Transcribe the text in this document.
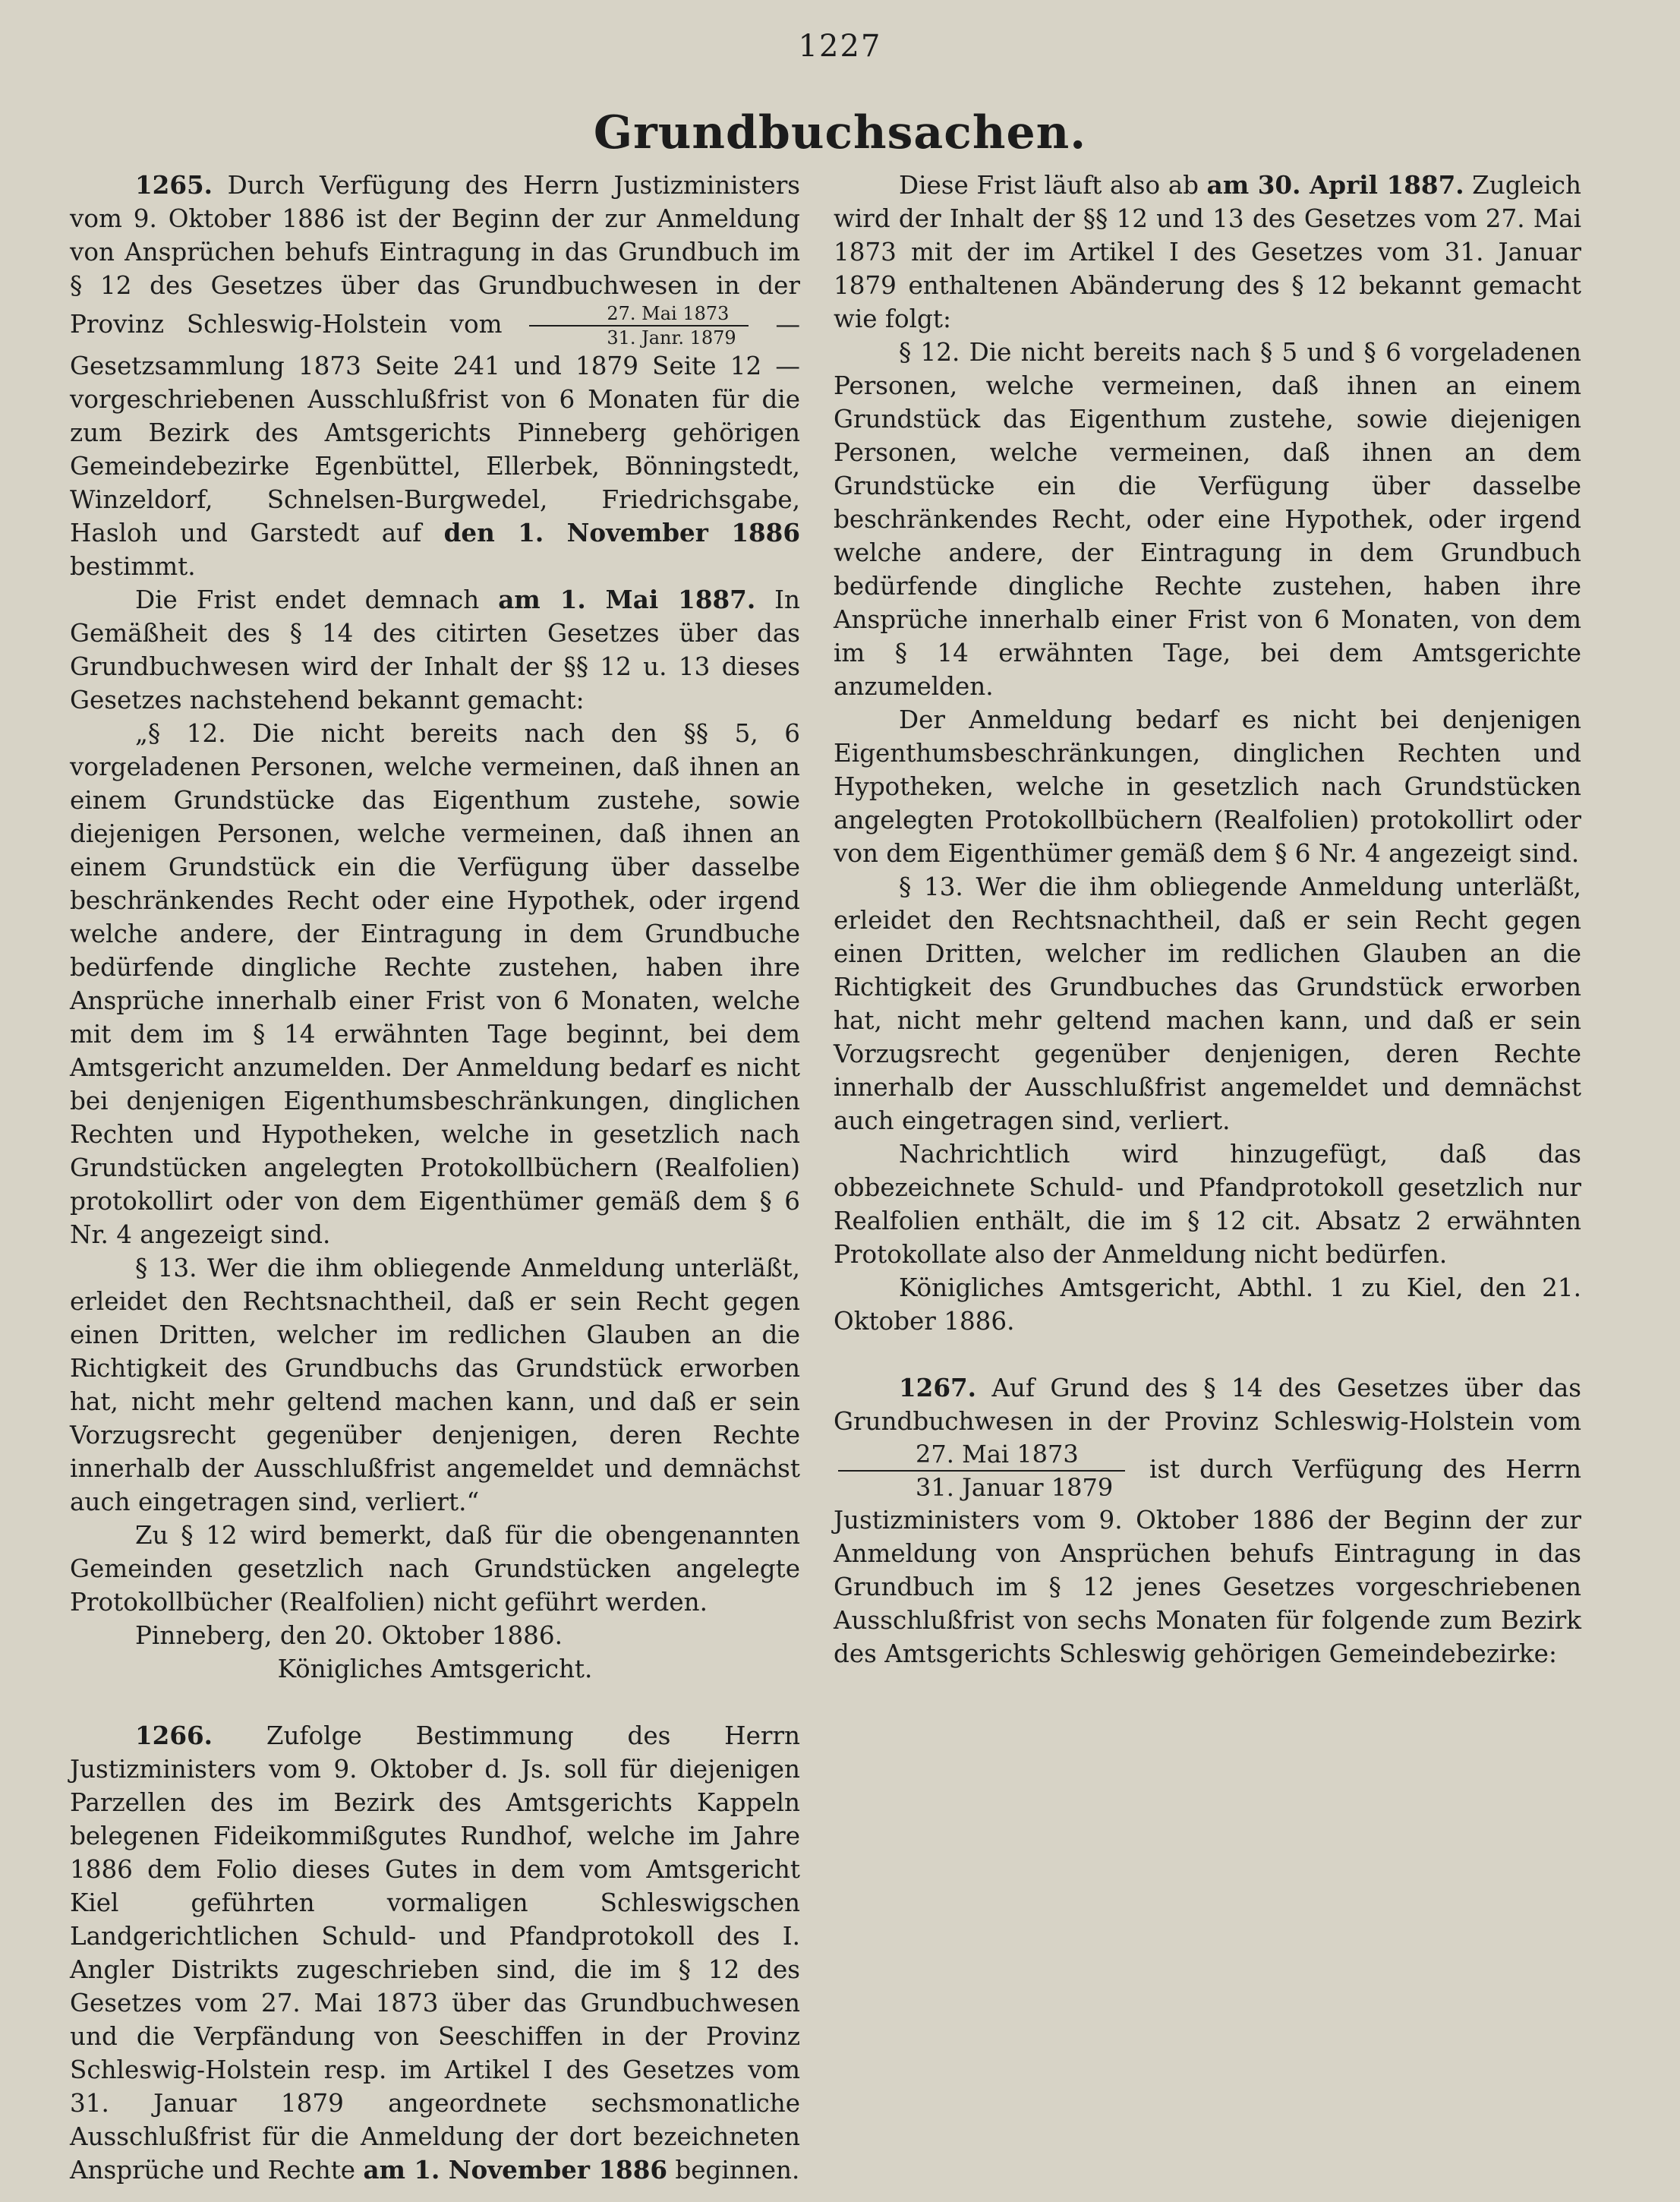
1227
Grundbuchsachen.

1265. Durch Verfügung des Herrn Justizministers vom 9. Oktober 1886 ist der Beginn der zur Anmeldung von Ansprüchen behufs Eintragung in das Grundbuch im § 12 des Gesetzes über das Grundbuchwesen in der Provinz Schleswig-Holstein vom $\frac{\text{27. Mai 1873}}{\text{31. Janr. 1879}}$ — Gesetzsammlung 1873 Seite 241 und 1879 Seite 12 — vorgeschriebenen Ausschlußfrist von 6 Monaten für die zum Bezirk des Amtsgerichts Pinneberg gehörigen Gemeindebezirke Egenbüttel, Ellerbek, Bönningstedt, Winzeldorf, Schnelsen-Burgwedel, Friedrichsgabe, Hasloh und Garstedt auf den 1. November 1886 bestimmt.

Die Frist endet demnach am 1. Mai 1887. In Gemäßheit des § 14 des citirten Gesetzes über das Grundbuchwesen wird der Inhalt der §§ 12 u. 13 dieses Gesetzes nachstehend bekannt gemacht:

„§ 12. Die nicht bereits nach den §§ 5, 6 vorgeladenen Personen, welche vermeinen, daß ihnen an einem Grundstücke das Eigenthum zustehe, sowie diejenigen Personen, welche vermeinen, daß ihnen an einem Grundstück ein die Verfügung über dasselbe beschränkendes Recht oder eine Hypothek, oder irgend welche andere, der Eintragung in dem Grundbuche bedürfende dingliche Rechte zustehen, haben ihre Ansprüche innerhalb einer Frist von 6 Monaten, welche mit dem im § 14 erwähnten Tage beginnt, bei dem Amtsgericht anzumelden. Der Anmeldung bedarf es nicht bei denjenigen Eigenthumsbeschränkungen, dinglichen Rechten und Hypotheken, welche in gesetzlich nach Grundstücken angelegten Protokollbüchern (Realfolien) protokollirt oder von dem Eigenthümer gemäß dem § 6 Nr. 4 angezeigt sind.

§ 13. Wer die ihm obliegende Anmeldung unterläßt, erleidet den Rechtsnachtheil, daß er sein Recht gegen einen Dritten, welcher im redlichen Glauben an die Richtigkeit des Grundbuchs das Grundstück erworben hat, nicht mehr geltend machen kann, und daß er sein Vorzugsrecht gegenüber denjenigen, deren Rechte innerhalb der Ausschlußfrist angemeldet und demnächst auch eingetragen sind, verliert.“

Zu § 12 wird bemerkt, daß für die obengenannten Gemeinden gesetzlich nach Grundstücken angelegte Protokollbücher (Realfolien) nicht geführt werden.

Pinneberg, den 20. Oktober 1886.

Königliches Amtsgericht.

1266. Zufolge Bestimmung des Herrn Justizministers vom 9. Oktober d. Js. soll für diejenigen Parzellen des im Bezirk des Amtsgerichts Kappeln belegenen Fideikommißgutes Rundhof, welche im Jahre 1886 dem Folio dieses Gutes in dem vom Amtsgericht Kiel geführten vormaligen Schleswigschen Landgerichtlichen Schuld- und Pfandprotokoll des I. Angler Distrikts zugeschrieben sind, die im § 12 des Gesetzes vom 27. Mai 1873 über das Grundbuchwesen und die Verpfändung von Seeschiffen in der Provinz Schleswig-Holstein resp. im Artikel I des Gesetzes vom 31. Januar 1879 angeordnete sechsmonatliche Ausschlußfrist für die Anmeldung der dort bezeichneten Ansprüche und Rechte am 1. November 1886 beginnen.

Diese Frist läuft also ab am 30. April 1887. Zugleich wird der Inhalt der §§ 12 und 13 des Gesetzes vom 27. Mai 1873 mit der im Artikel I des Gesetzes vom 31. Januar 1879 enthaltenen Abänderung des § 12 bekannt gemacht wie folgt:

§ 12. Die nicht bereits nach § 5 und § 6 vorgeladenen Personen, welche vermeinen, daß ihnen an einem Grundstück das Eigenthum zustehe, sowie diejenigen Personen, welche vermeinen, daß ihnen an dem Grundstücke ein die Verfügung über dasselbe beschränkendes Recht, oder eine Hypothek, oder irgend welche andere, der Eintragung in dem Grundbuch bedürfende dingliche Rechte zustehen, haben ihre Ansprüche innerhalb einer Frist von 6 Monaten, von dem im § 14 erwähnten Tage, bei dem Amtsgerichte anzumelden.

Der Anmeldung bedarf es nicht bei denjenigen Eigenthumsbeschränkungen, dinglichen Rechten und Hypotheken, welche in gesetzlich nach Grundstücken angelegten Protokollbüchern (Realfolien) protokollirt oder von dem Eigenthümer gemäß dem § 6 Nr. 4 angezeigt sind.

§ 13. Wer die ihm obliegende Anmeldung unterläßt, erleidet den Rechtsnachtheil, daß er sein Recht gegen einen Dritten, welcher im redlichen Glauben an die Richtigkeit des Grundbuches das Grundstück erworben hat, nicht mehr geltend machen kann, und daß er sein Vorzugsrecht gegenüber denjenigen, deren Rechte innerhalb der Ausschlußfrist angemeldet und demnächst auch eingetragen sind, verliert.

Nachrichtlich wird hinzugefügt, daß das obbezeichnete Schuld- und Pfandprotokoll gesetzlich nur Realfolien enthält, die im § 12 cit. Absatz 2 erwähnten Protokollate also der Anmeldung nicht bedürfen.

Königliches Amtsgericht, Abthl. 1 zu Kiel, den 21. Oktober 1886.

1267. Auf Grund des § 14 des Gesetzes über das Grundbuchwesen in der Provinz Schleswig-Holstein vom
$\frac{\text{27. Mai 1873}}{\text{31. Januar 1879}}$ ist durch Verfügung des Herrn Justizministers vom 9. Oktober 1886 der Beginn der zur Anmeldung von Ansprüchen behufs Eintragung in das Grundbuch im § 12 jenes Gesetzes vorgeschriebenen Ausschlußfrist von sechs Monaten für folgende zum Bezirk des Amtsgerichts Schleswig gehörigen Gemeindebezirke:
